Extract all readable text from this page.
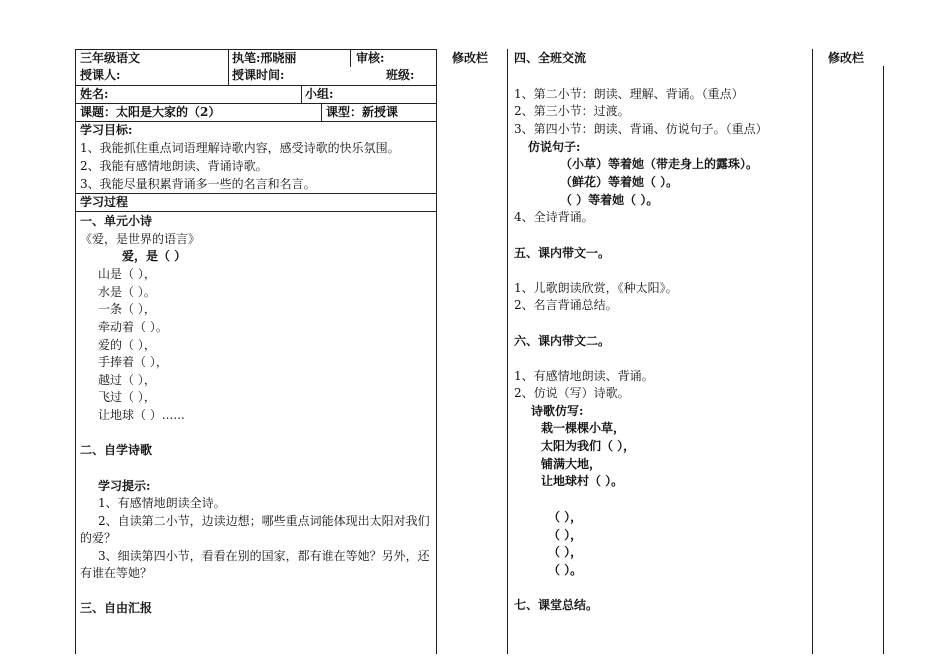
三年级语文	执笔:邢晓丽	审核:
授课人:	授课时间:	班级:
姓名:	小组:
课题：太阳是大家的（2）	课型：新授课
修改栏	修改栏
学习目标:
1、我能抓住重点词语理解诗歌内容，感受诗歌的快乐氛围。
2、我能有感情地朗读、背诵诗歌。
3、我能尽量积累背诵多一些的名言和名言。
学习过程
一、单元小诗
《爱，是世界的语言》
爱，是（ ）
山是（ ），
水是（ ）。
一条（ ），
牵动着（ ）。
爱的（ ），
手捧着（ ），
越过（ ），
飞过（ ），
让地球（ ）......
二、自学诗歌
学习提示:
1、有感情地朗读全诗。
2、自读第二小节，边读边想；哪些重点词能体现出太阳对我们的爱？
3、细读第四小节，看看在别的国家，都有谁在等她？另外，还有谁在等她？
三、自由汇报
四、全班交流
1、第二小节：朗读、理解、背诵。（重点）
2、第三小节：过渡。
3、第四小节：朗读、背诵、仿说句子。（重点）
仿说句子:
（小草）等着她（带走身上的露珠）。
（鲜花）等着她（ ）。
（ ）等着她（ ）。
4、全诗背诵。
五、课内带文一。
1、儿歌朗读欣赏，《种太阳》。
2、名言背诵总结。
六、课内带文二。
1、有感情地朗读、背诵。
2、仿说（写）诗歌。
诗歌仿写:
栽一棵棵小草，
太阳为我们（ ），
铺满大地，
让地球村（ ）。
（ ），
（ ），
（ ），
（ ）。
七、课堂总结。
